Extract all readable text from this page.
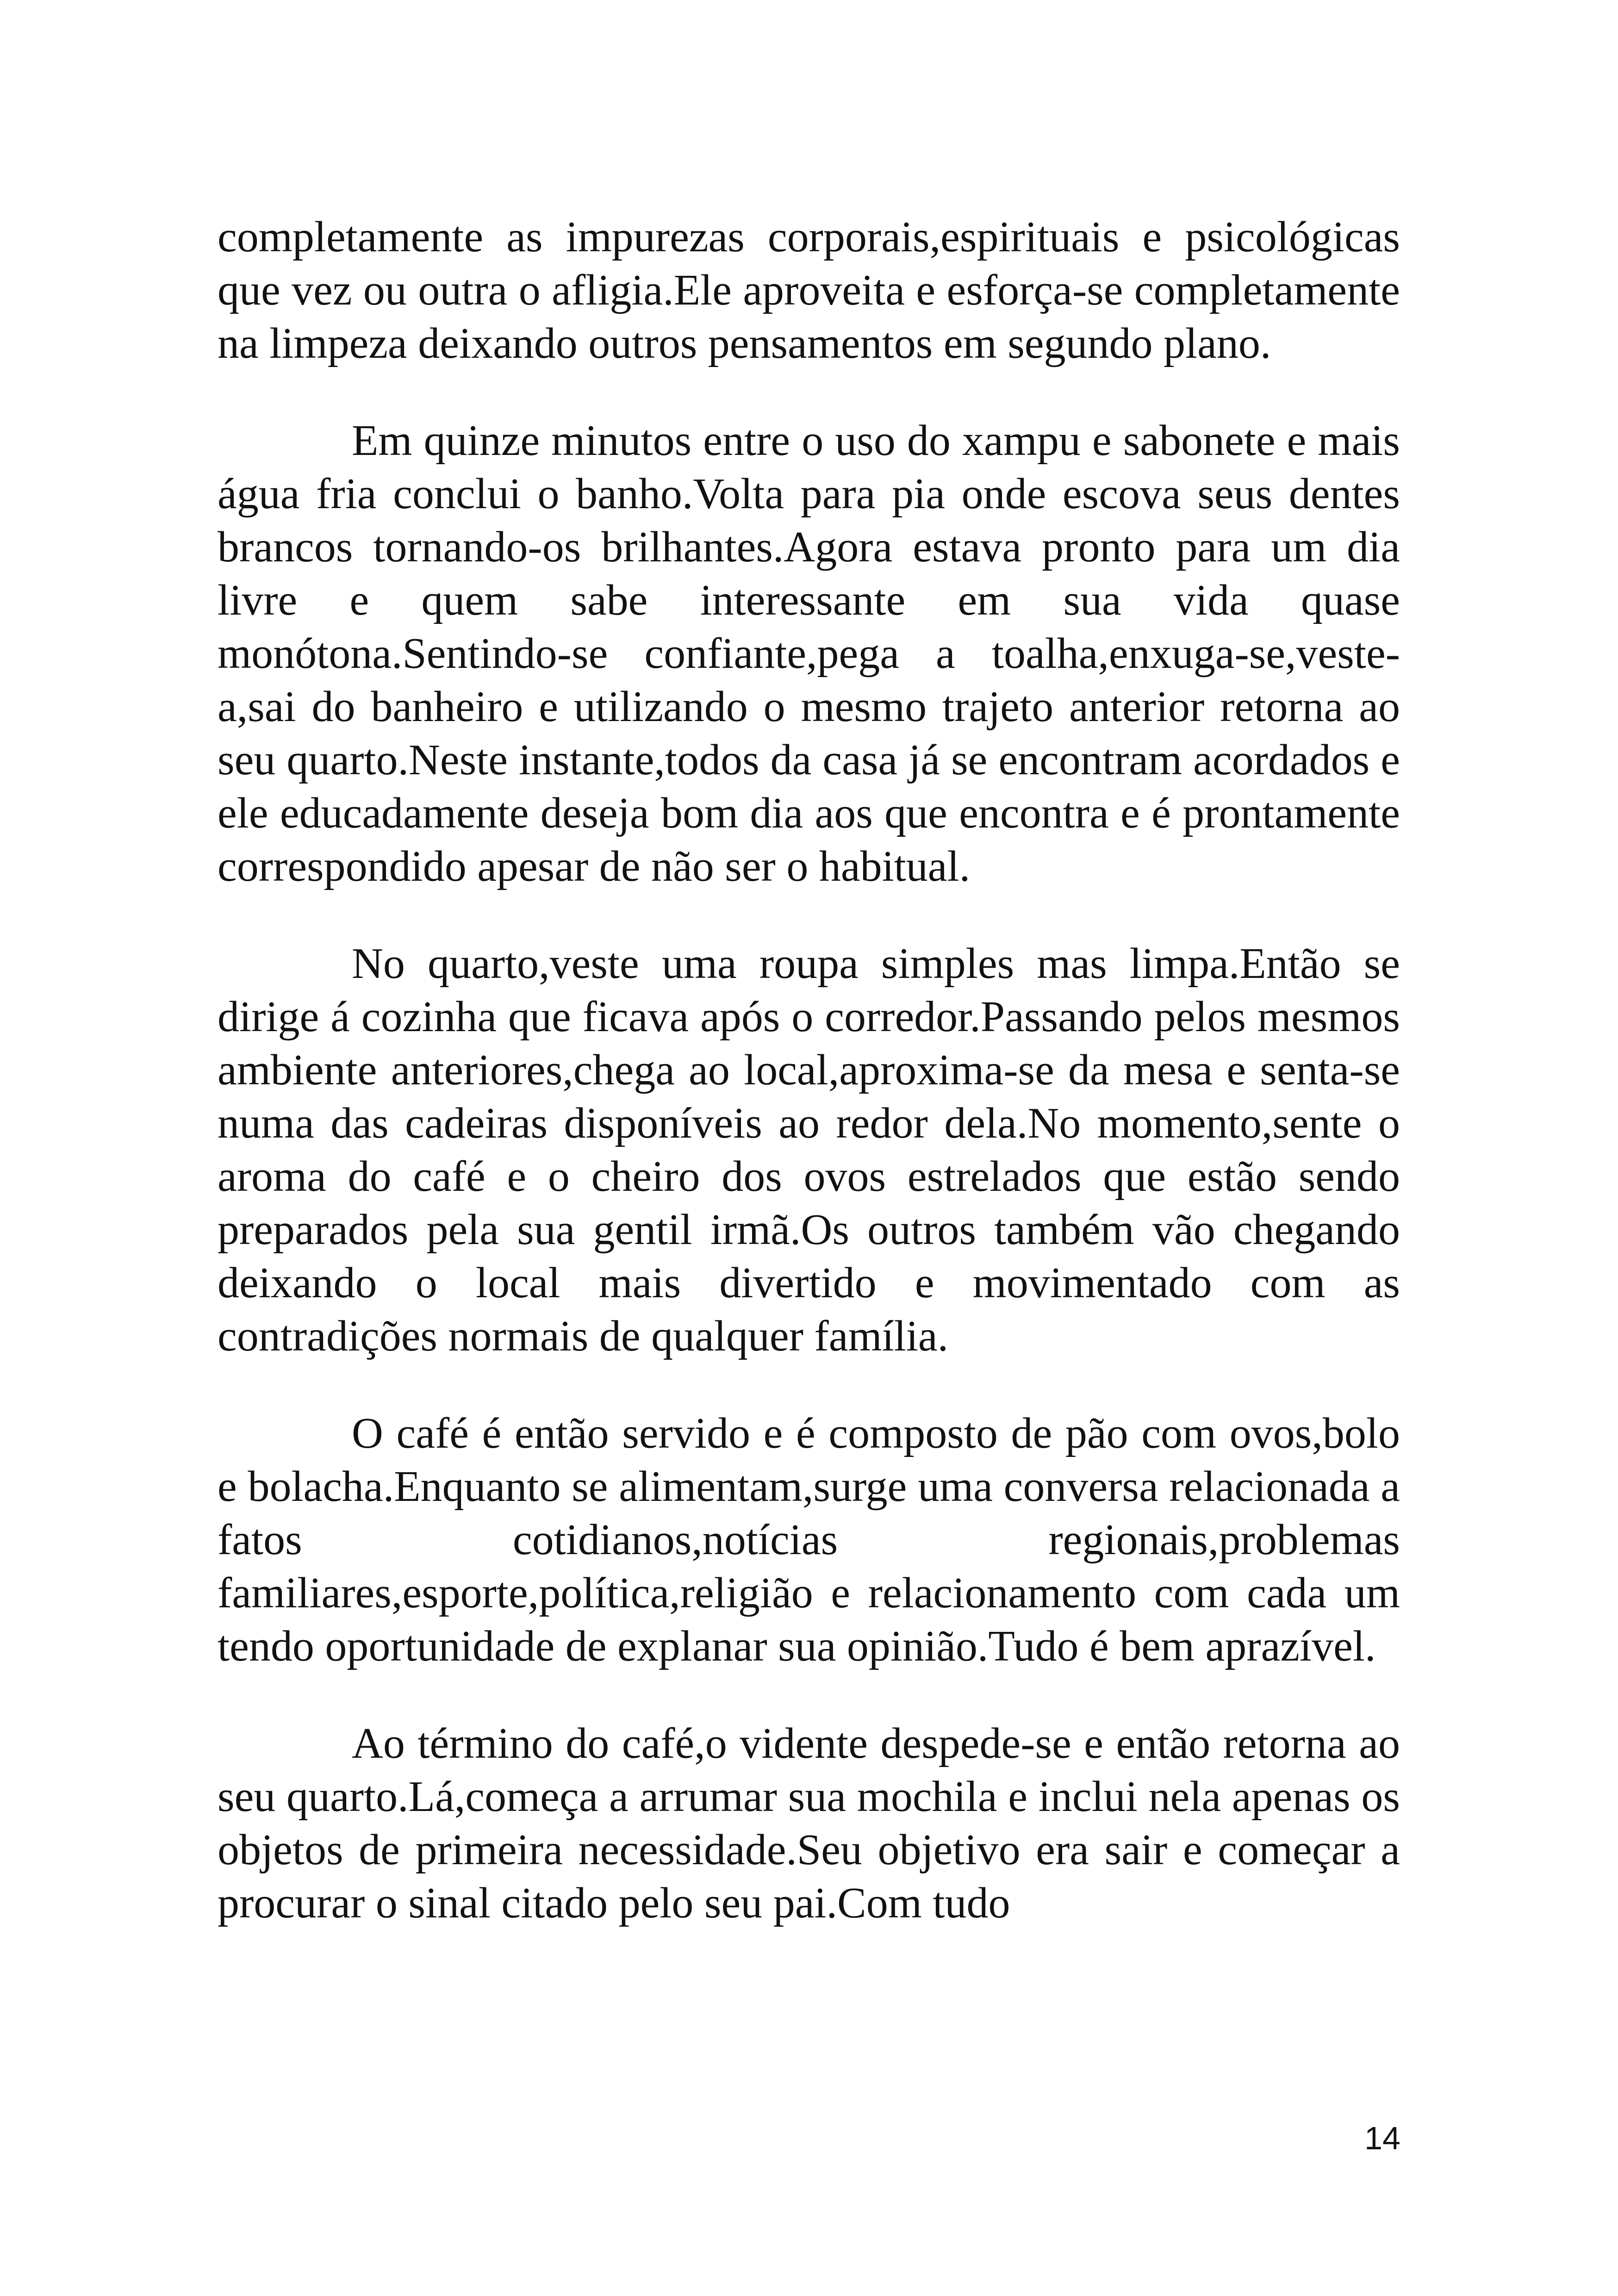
completamente as impurezas corporais,espirituais e psicológicas que vez ou outra o afligia.Ele aproveita e esforça-se completamente na limpeza deixando outros pensamentos em segundo plano.

Em quinze minutos entre o uso do xampu e sabonete e mais água fria conclui o banho.Volta para pia onde escova seus dentes brancos tornando-os brilhantes.Agora estava pronto para um dia livre e quem sabe interessante em sua vida quase monótona.Sentindo-se confiante,pega a toalha,enxuga-se,veste-a,sai do banheiro e utilizando o mesmo trajeto anterior retorna ao seu quarto.Neste instante,todos da casa já se encontram acordados e ele educadamente deseja bom dia aos que encontra e é prontamente correspondido apesar de não ser o habitual.

No quarto,veste uma roupa simples mas limpa.Então se dirige á cozinha que ficava após o corredor.Passando pelos mesmos ambiente anteriores,chega ao local,aproxima-se da mesa e senta-se numa das cadeiras disponíveis ao redor dela.No momento,sente o aroma do café e o cheiro dos ovos estrelados que estão sendo preparados pela sua gentil irmã.Os outros também vão chegando deixando o local mais divertido e movimentado com as contradições normais de qualquer família.

O café é então servido e é composto de pão com ovos,bolo e bolacha.Enquanto se alimentam,surge uma conversa relacionada a fatos cotidianos,notícias regionais,problemas familiares,esporte,política,religião e relacionamento com cada um tendo oportunidade de explanar sua opinião.Tudo é bem aprazível.

Ao término do café,o vidente despede-se e então retorna ao seu quarto.Lá,começa a arrumar sua mochila e inclui nela apenas os objetos de primeira necessidade.Seu objetivo era sair e começar a procurar o sinal citado pelo seu pai.Com tudo

14
